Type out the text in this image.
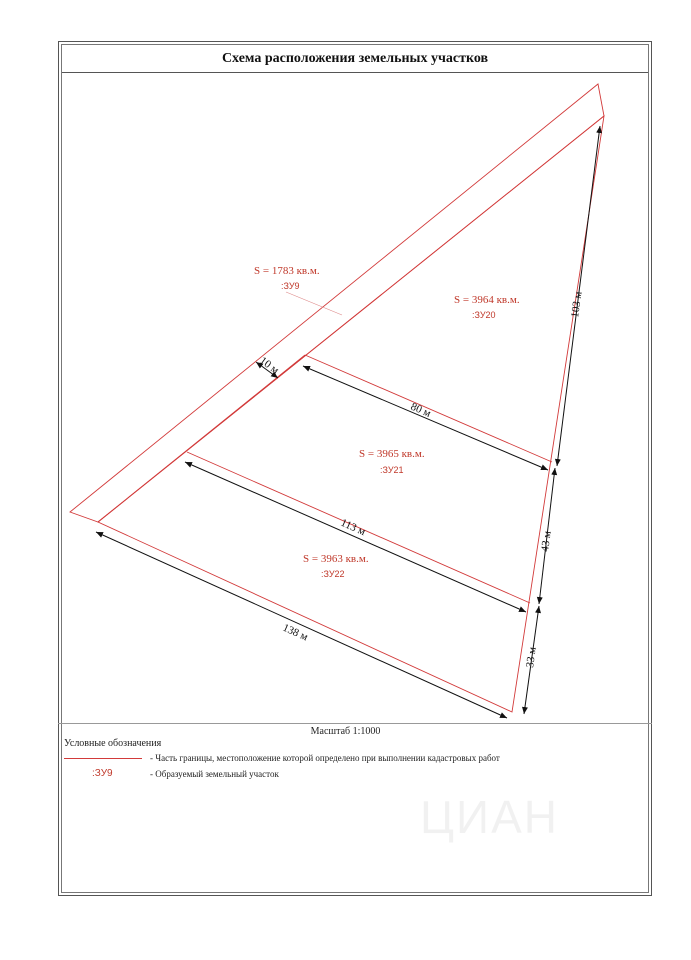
Схема расположения земельных участков
10 м
80 м
113 м
138 м
103 м
43 м
33 м
S = 1783 кв.м.
:ЗУ9
S = 3964 кв.м.
:ЗУ20
S = 3965 кв.м.
:ЗУ21
S = 3963 кв.м.
:ЗУ22
Масштаб 1:1000
Условные обозначения
- Часть границы, местоположение которой определено при выполнении кадастровых работ
:ЗУ9	- Образуемый земельный участок
ЦИАН
